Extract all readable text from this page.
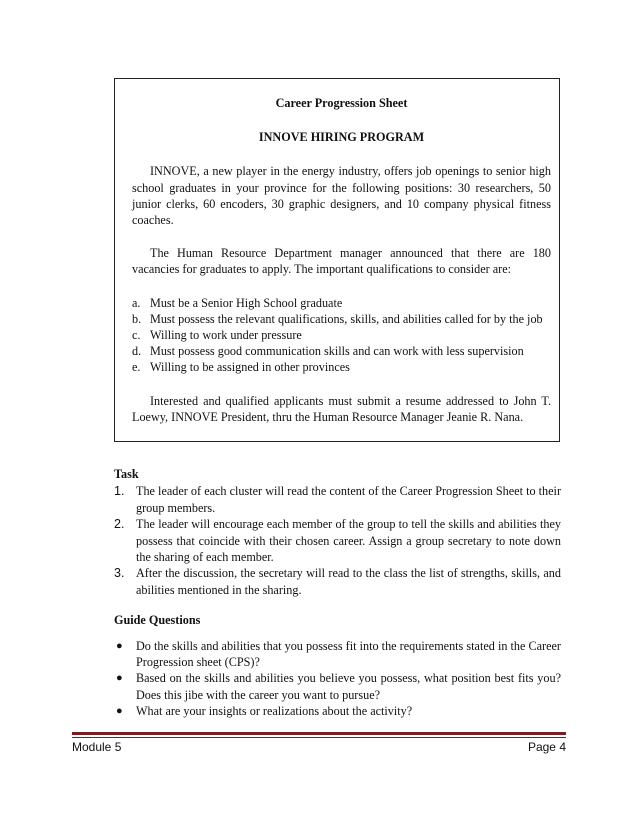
Career Progression Sheet
INNOVE HIRING PROGRAM

INNOVE, a new player in the energy industry, offers job openings to senior high school graduates in your province for the following positions: 30 researchers, 50 junior clerks, 60 encoders, 30 graphic designers, and 10 company physical fitness coaches.

The Human Resource Department manager announced that there are 180 vacancies for graduates to apply. The important qualifications to consider are:

a. Must be a Senior High School graduate
b. Must possess the relevant qualifications, skills, and abilities called for by the job
c. Willing to work under pressure
d. Must possess good communication skills and can work with less supervision
e. Willing to be assigned in other provinces

Interested and qualified applicants must submit a resume addressed to John T. Loewy, INNOVE President, thru the Human Resource Manager Jeanie R. Nana.

Task
1. The leader of each cluster will read the content of the Career Progression Sheet to their group members.
2. The leader will encourage each member of the group to tell the skills and abilities they possess that coincide with their chosen career. Assign a group secretary to note down the sharing of each member.
3. After the discussion, the secretary will read to the class the list of strengths, skills, and abilities mentioned in the sharing.
Guide Questions
●	Do the skills and abilities that you possess fit into the requirements stated in the Career Progression sheet (CPS)?
●	Based on the skills and abilities you believe you possess, what position best fits you? Does this jibe with the career you want to pursue?
●	What are your insights or realizations about the activity?
Module 5	Page 4
